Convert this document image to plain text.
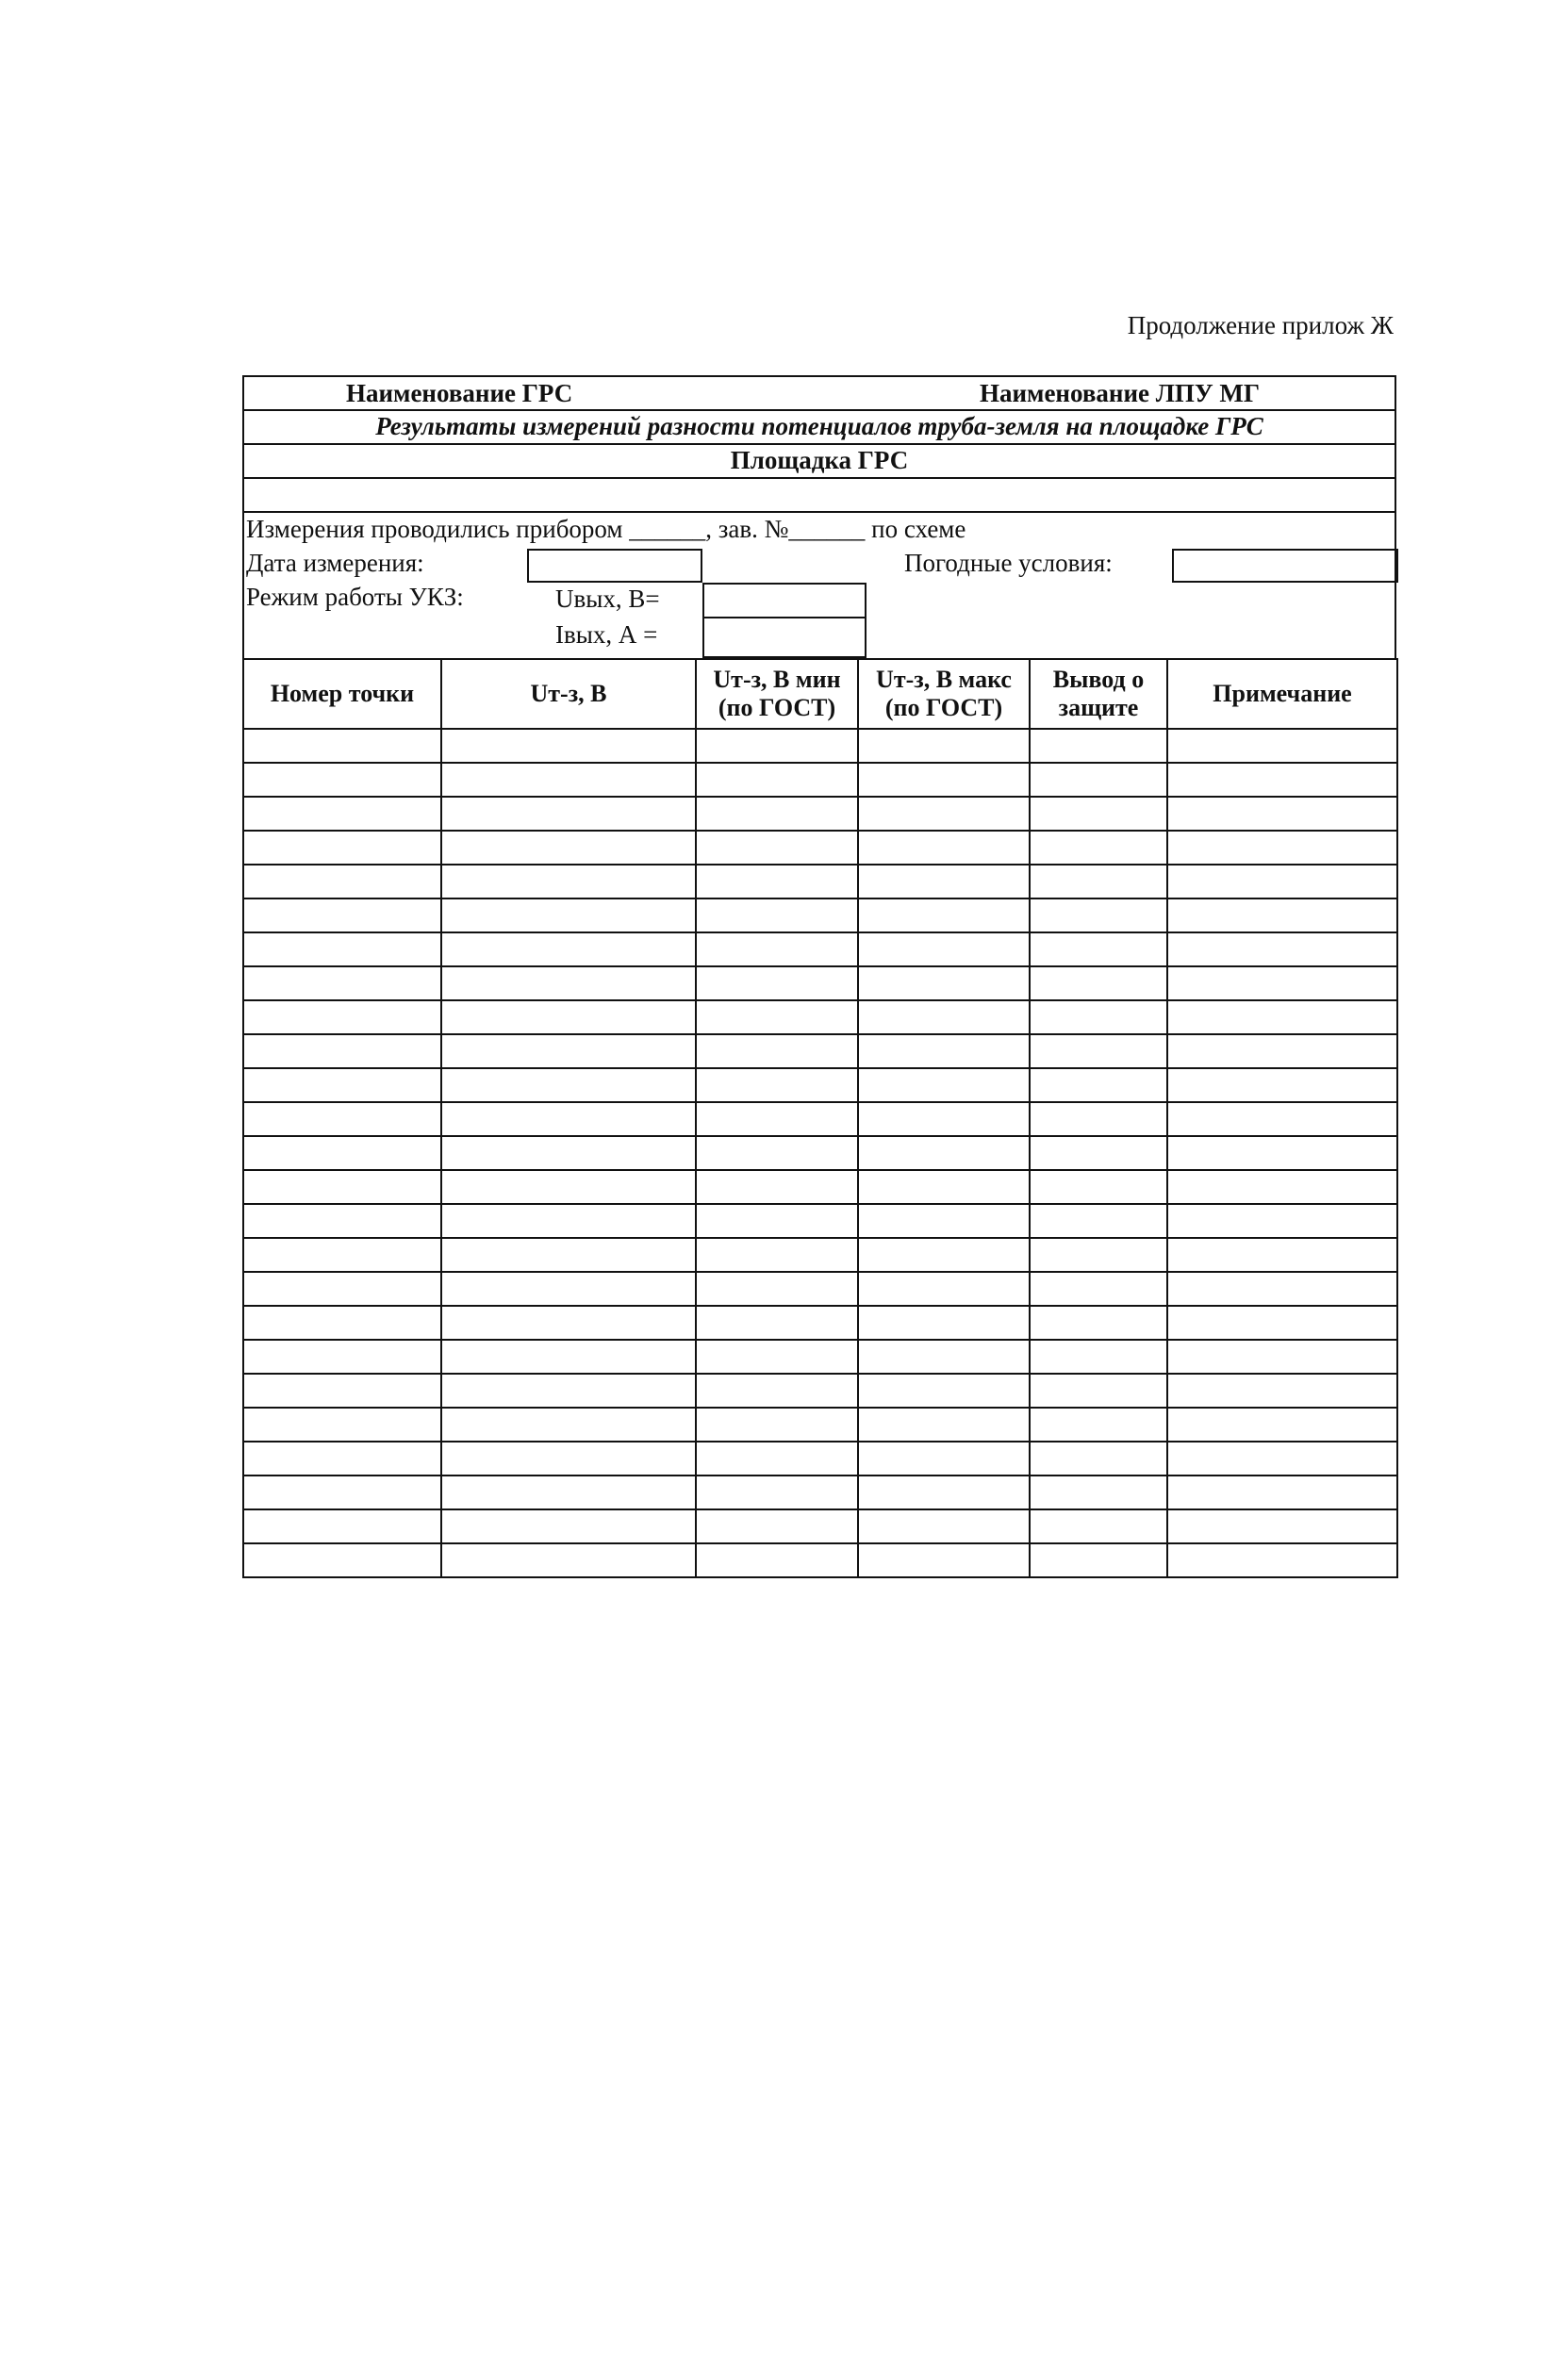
Продолжение прилож Ж
Наименование ГРС	Наименование ЛПУ МГ
Результаты измерений разности потенциалов труба-земля на площадке ГРС
Площадка ГРС
Измерения проводились прибором ______, зав. №______ по схеме
Дата измерения:	Погодные условия:
Режим работы УКЗ:	Uвых, В=
Iвых, А =
Номер точки	Uт-з, В	Uт-з, В мин (по ГОСТ)	Uт-з, В макс (по ГОСТ)	Вывод о защите	Примечание
